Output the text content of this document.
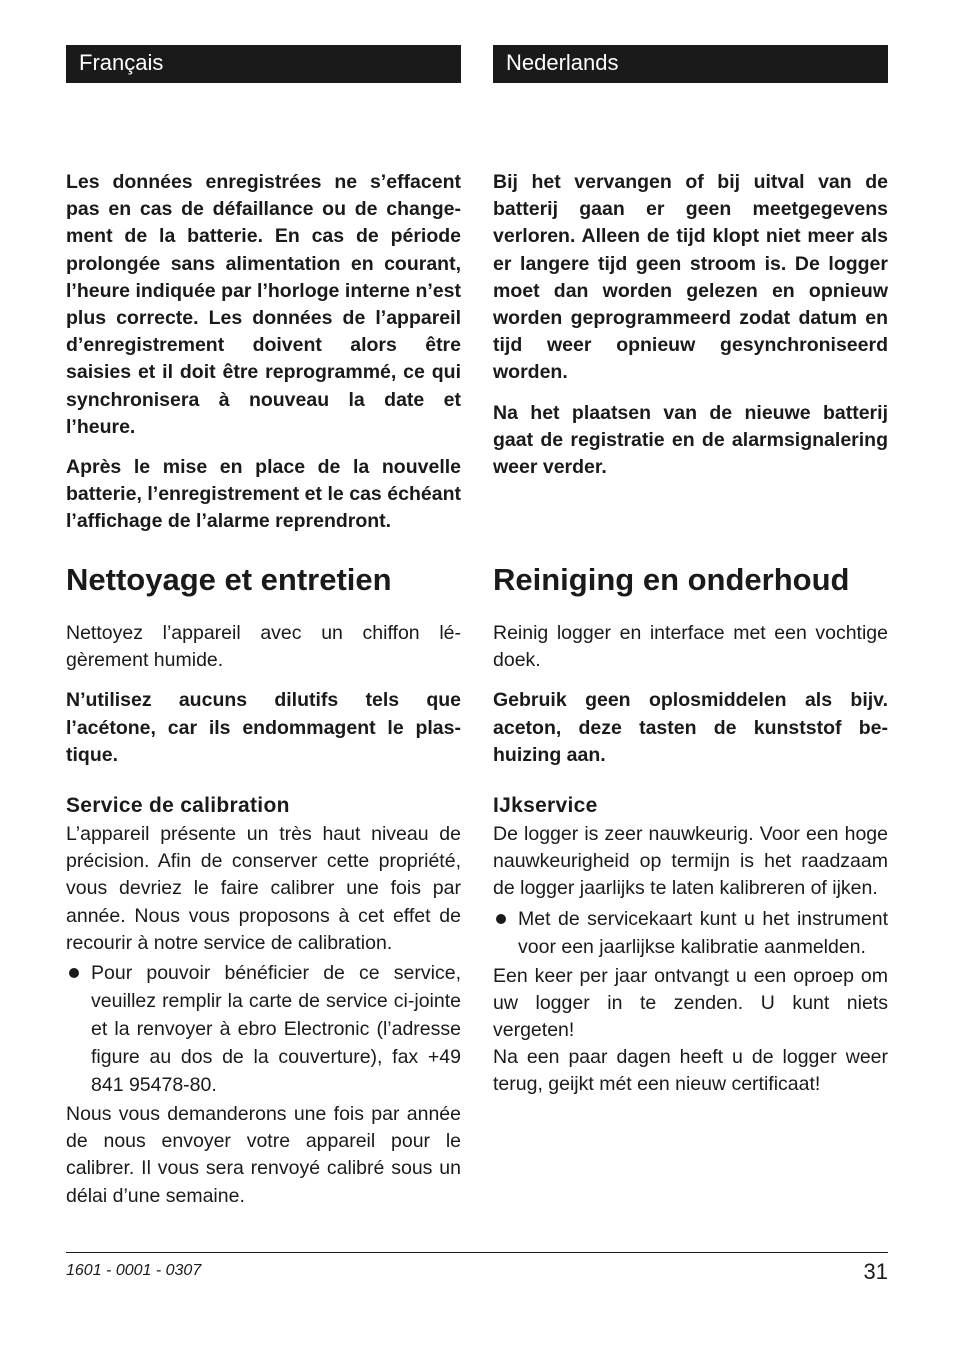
Français

Les données enregistrées ne s’effacent pas en cas de défaillance ou de changement de la batterie. En cas de période prolongée sans alimentation en courant, l’heure indiquée par l’horloge interne n’est plus correcte. Les données de l’appareil d’enregistrement doivent alors être saisies et il doit être reprogrammé, ce qui synchronisera à nouveau la date et l’heure.

Après le mise en place de la nouvelle batterie, l’enregistrement et le cas échéant l’affichage de l’alarme reprendront.

Nettoyage et entretien

Nettoyez l’appareil avec un chiffon légèrement humide.

N’utilisez aucuns dilutifs tels que l’acétone, car ils endommagent le plastique.

Service de calibration

L’appareil présente un très haut niveau de précision. Afin de conserver cette propriété, vous devriez le faire calibrer une fois par année. Nous vous proposons à cet effet de recourir à notre service de calibration.

Pour pouvoir bénéficier de ce service, veuillez remplir la carte de service ci-jointe et la renvoyer à ebro Electronic (l’adresse figure au dos de la couverture), fax +49 841 95478-80.

Nous vous demanderons une fois par année de nous envoyer votre appareil pour le calibrer. Il vous sera renvoyé calibré sous un délai d’une semaine.

Nederlands

Bij het vervangen of bij uitval van de batterij gaan er geen meetgegevens verloren. Alleen de tijd klopt niet meer als er langere tijd geen stroom is. De logger moet dan worden gelezen en opnieuw worden geprogrammeerd zodat datum en tijd weer opnieuw gesynchroniseerd worden.

Na het plaatsen van de nieuwe batterij gaat de registratie en de alarmsignalering weer verder.

Reiniging en onderhoud

Reinig logger en interface met een vochtige doek.

Gebruik geen oplosmiddelen als bijv. aceton, deze tasten de kunststof behuizing aan.

IJkservice

De logger is zeer nauwkeurig. Voor een hoge nauwkeurigheid op termijn is het raadzaam de logger jaarlijks te laten kalibreren of ijken.

Met de servicekaart kunt u het instrument voor een jaarlijkse kalibratie aanmelden.

Een keer per jaar ontvangt u een oproep om uw logger in te zenden. U kunt niets vergeten!

Na een paar dagen heeft u de logger weer terug, geijkt mét een nieuw certificaat!

1601 - 0001 - 0307	31
